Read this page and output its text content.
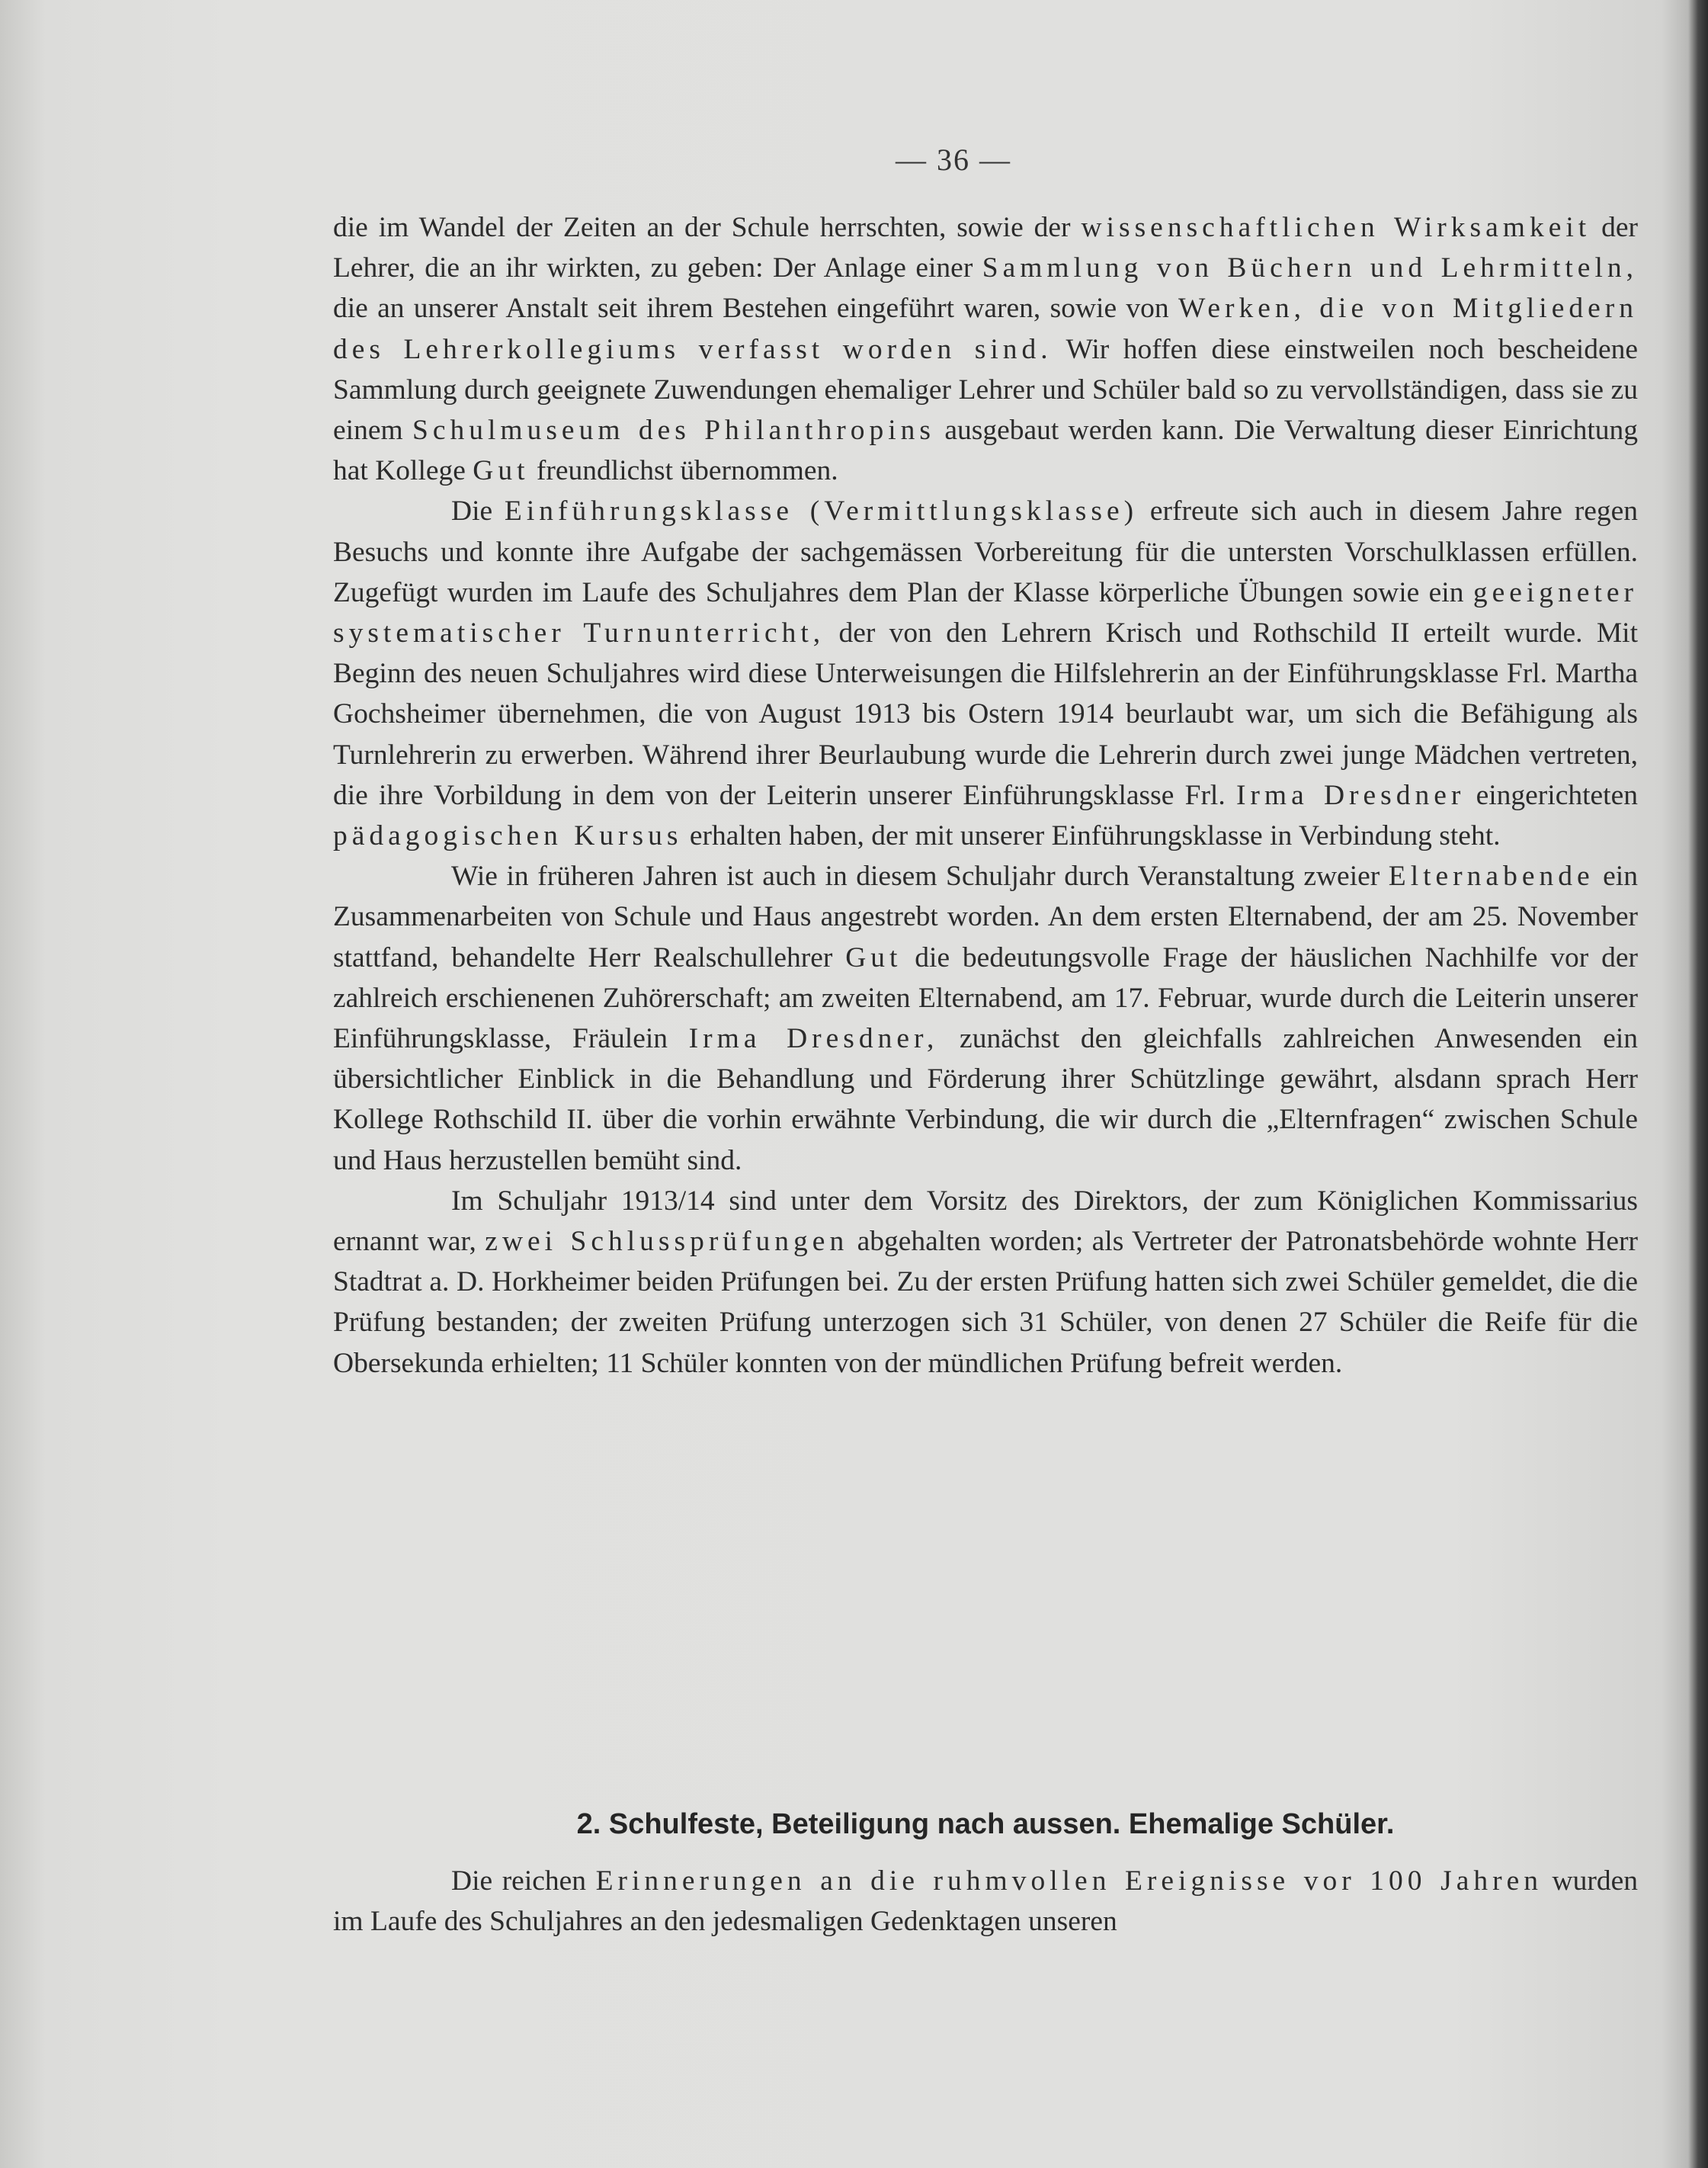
— 36 —

die im Wandel der Zeiten an der Schule herrschten, sowie der wissenschaftlichen Wirksamkeit der Lehrer, die an ihr wirkten, zu geben: Der Anlage einer Sammlung von Büchern und Lehrmitteln, die an unserer Anstalt seit ihrem Bestehen eingeführt waren, sowie von Werken, die von Mitgliedern des Lehrerkollegiums verfasst worden sind. Wir hoffen diese einstweilen noch bescheidene Sammlung durch geeignete Zuwendungen ehemaliger Lehrer und Schüler bald so zu vervollständigen, dass sie zu einem Schulmuseum des Philanthropins ausgebaut werden kann. Die Verwaltung dieser Einrichtung hat Kollege Gut freundlichst übernommen.

Die Einführungsklasse (Vermittlungsklasse) erfreute sich auch in diesem Jahre regen Besuchs und konnte ihre Aufgabe der sachgemässen Vorbereitung für die untersten Vorschulklassen erfüllen. Zugefügt wurden im Laufe des Schuljahres dem Plan der Klasse körperliche Übungen sowie ein geeigneter systematischer Turnunterricht, der von den Lehrern Krisch und Rothschild II erteilt wurde. Mit Beginn des neuen Schuljahres wird diese Unterweisungen die Hilfslehrerin an der Einführungsklasse Frl. Martha Gochsheimer übernehmen, die von August 1913 bis Ostern 1914 beurlaubt war, um sich die Befähigung als Turnlehrerin zu erwerben. Während ihrer Beurlaubung wurde die Lehrerin durch zwei junge Mädchen vertreten, die ihre Vorbildung in dem von der Leiterin unserer Einführungsklasse Frl. Irma Dresdner eingerichteten pädagogischen Kursus erhalten haben, der mit unserer Einführungsklasse in Verbindung steht.

Wie in früheren Jahren ist auch in diesem Schuljahr durch Veranstaltung zweier Elternabende ein Zusammenarbeiten von Schule und Haus angestrebt worden. An dem ersten Elternabend, der am 25. November stattfand, behandelte Herr Realschullehrer Gut die bedeutungsvolle Frage der häuslichen Nachhilfe vor der zahlreich erschienenen Zuhörerschaft; am zweiten Elternabend, am 17. Februar, wurde durch die Leiterin unserer Einführungsklasse, Fräulein Irma Dresdner, zunächst den gleichfalls zahlreichen Anwesenden ein übersichtlicher Einblick in die Behandlung und Förderung ihrer Schützlinge gewährt, alsdann sprach Herr Kollege Rothschild II. über die vorhin erwähnte Verbindung, die wir durch die „Elternfragen“ zwischen Schule und Haus herzustellen bemüht sind.

Im Schuljahr 1913/14 sind unter dem Vorsitz des Direktors, der zum Königlichen Kommissarius ernannt war, zwei Schlussprüfungen abgehalten worden; als Vertreter der Patronatsbehörde wohnte Herr Stadtrat a. D. Horkheimer beiden Prüfungen bei. Zu der ersten Prüfung hatten sich zwei Schüler gemeldet, die die Prüfung bestanden; der zweiten Prüfung unterzogen sich 31 Schüler, von denen 27 Schüler die Reife für die Obersekunda erhielten; 11 Schüler konnten von der mündlichen Prüfung befreit werden.

2. Schulfeste, Beteiligung nach aussen. Ehemalige Schüler.

Die reichen Erinnerungen an die ruhmvollen Ereignisse vor 100 Jahren wurden im Laufe des Schuljahres an den jedesmaligen Gedenktagen unseren
